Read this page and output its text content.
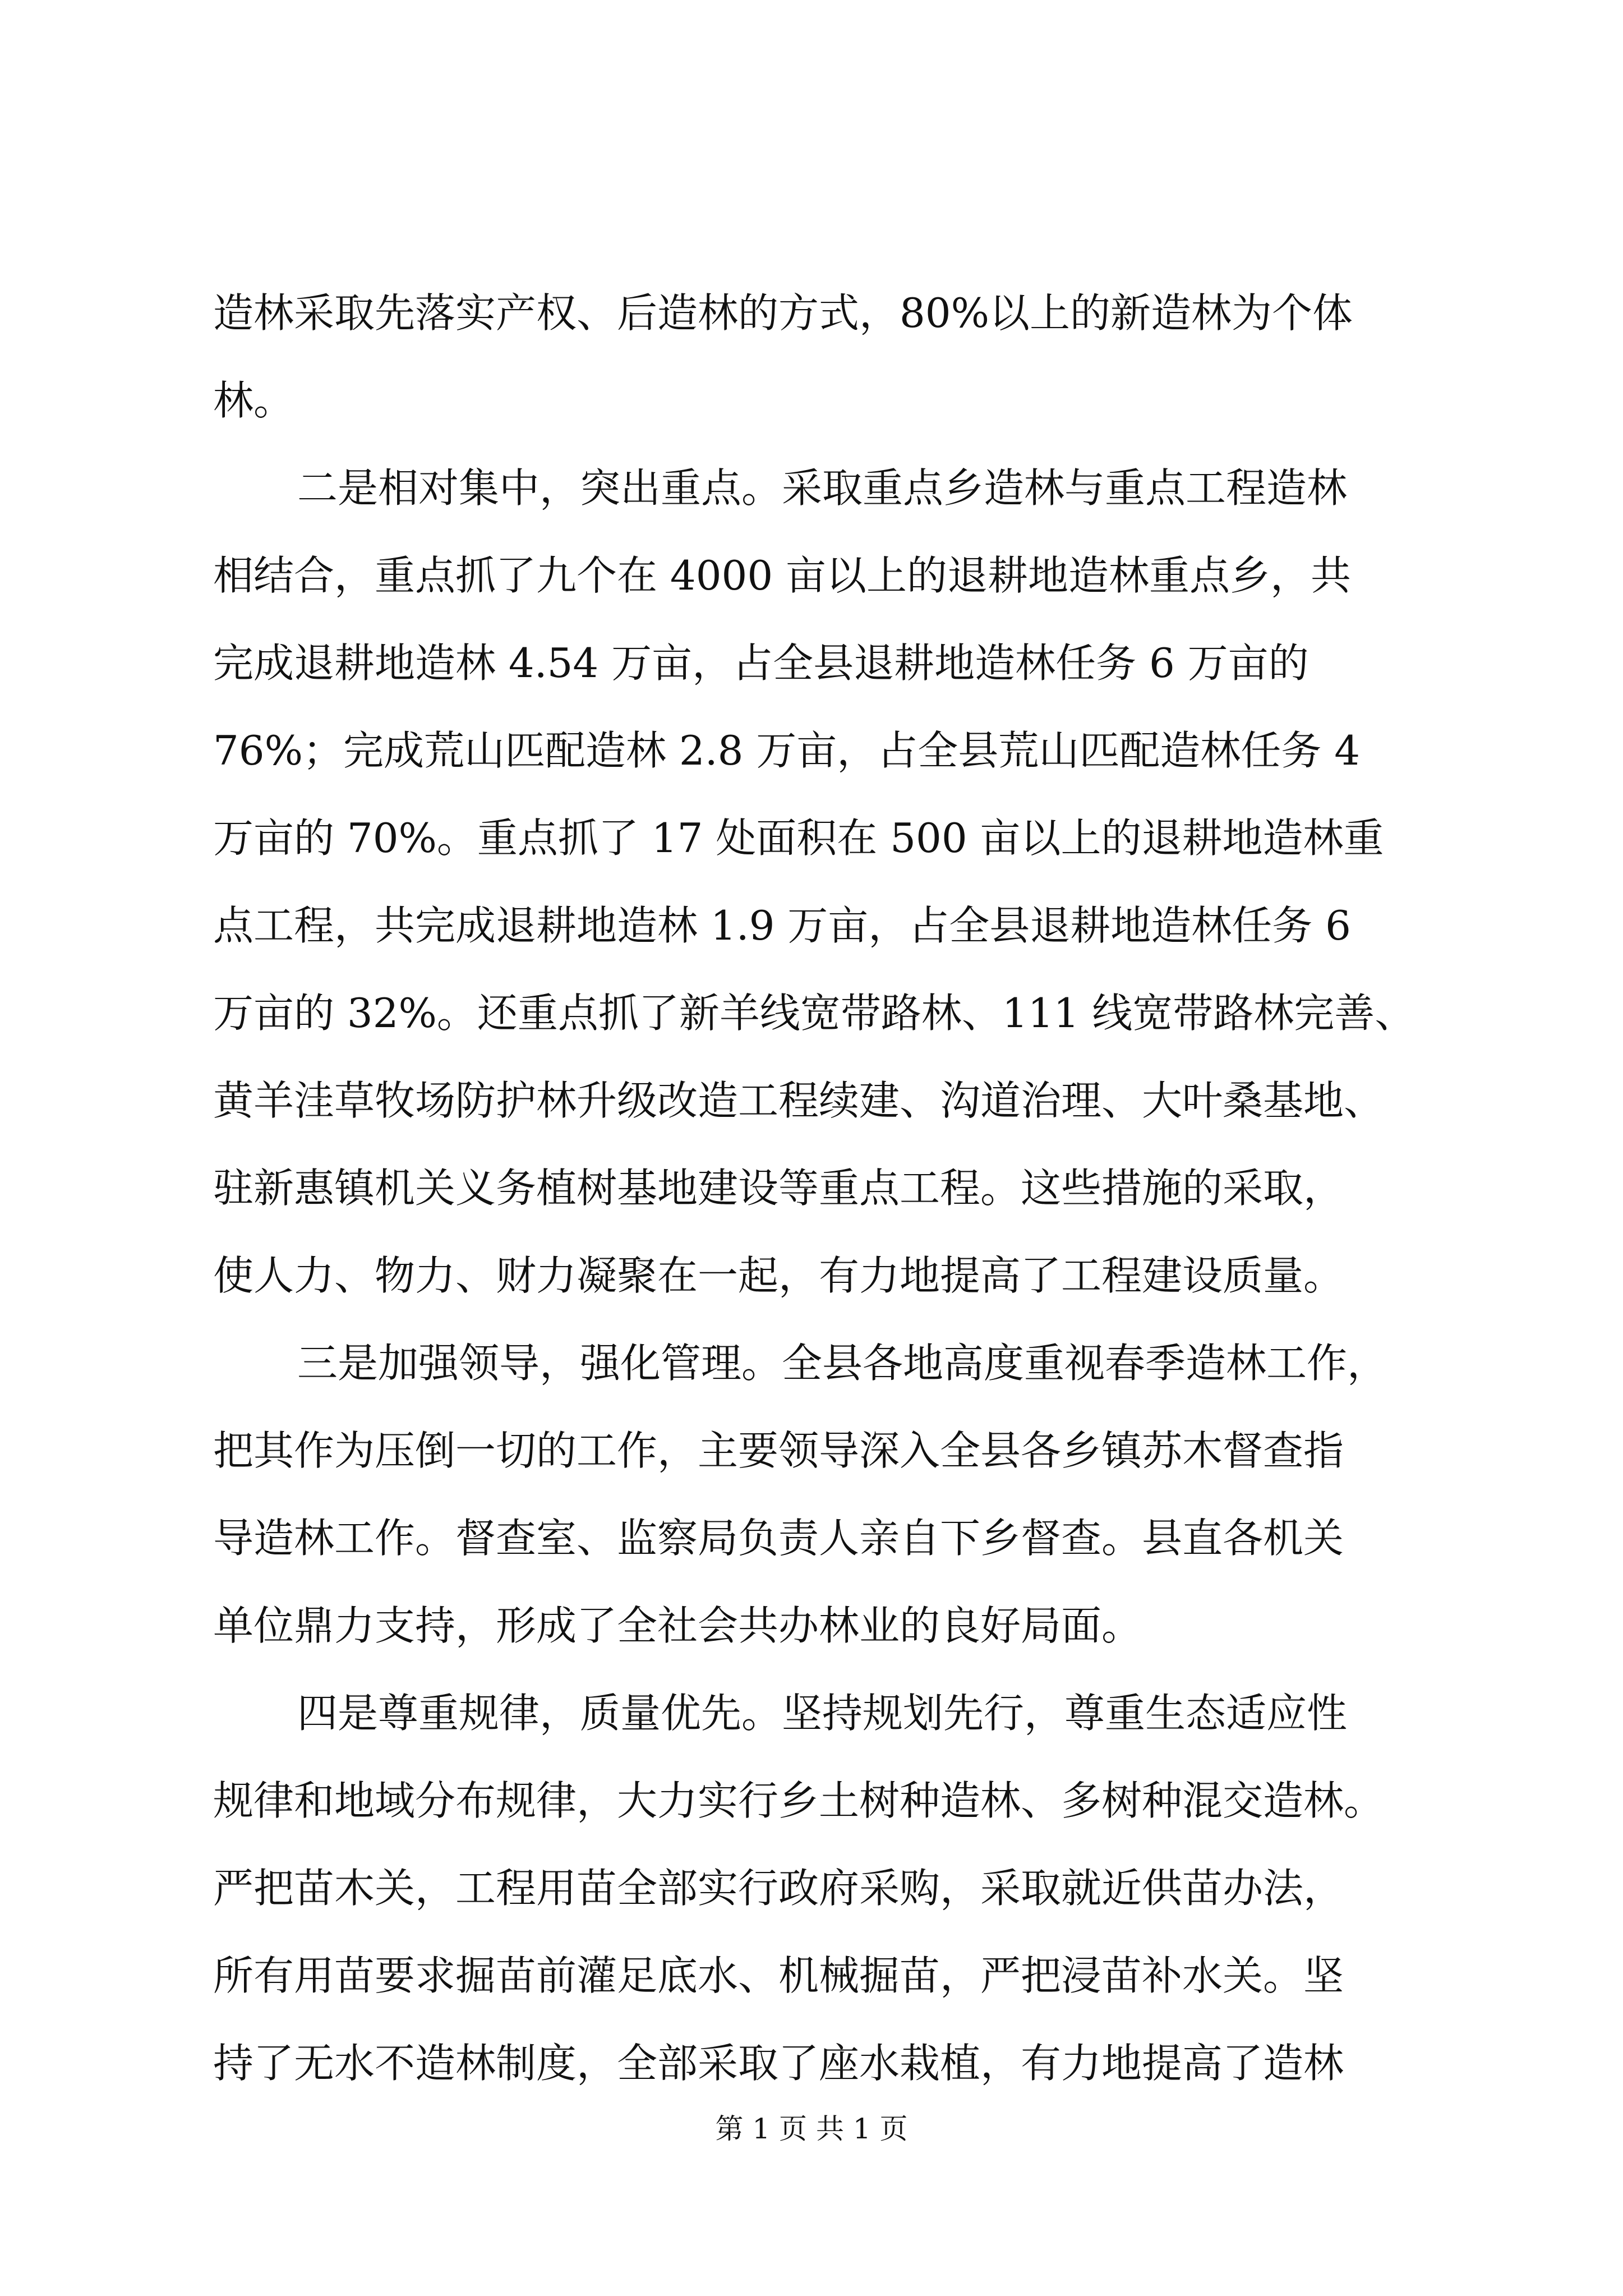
造林采取先落实产权、后造林的方式，80%以上的新造林为个体
林。
二是相对集中，突出重点。采取重点乡造林与重点工程造林
相结合，重点抓了九个在 4000 亩以上的退耕地造林重点乡，共
完成退耕地造林 4.54 万亩，占全县退耕地造林任务 6 万亩的
76%；完成荒山匹配造林 2.8 万亩，占全县荒山匹配造林任务 4
万亩的 70%。重点抓了 17 处面积在 500 亩以上的退耕地造林重
点工程，共完成退耕地造林 1.9 万亩，占全县退耕地造林任务 6
万亩的 32%。还重点抓了新羊线宽带路林、111 线宽带路林完善、
黄羊洼草牧场防护林升级改造工程续建、沟道治理、大叶桑基地、
驻新惠镇机关义务植树基地建设等重点工程。这些措施的采取，
使人力、物力、财力凝聚在一起，有力地提高了工程建设质量。
三是加强领导，强化管理。全县各地高度重视春季造林工作，
把其作为压倒一切的工作，主要领导深入全县各乡镇苏木督查指
导造林工作。督查室、监察局负责人亲自下乡督查。县直各机关
单位鼎力支持，形成了全社会共办林业的良好局面。
四是尊重规律，质量优先。坚持规划先行，尊重生态适应性
规律和地域分布规律，大力实行乡土树种造林、多树种混交造林。
严把苗木关，工程用苗全部实行政府采购，采取就近供苗办法，
所有用苗要求掘苗前灌足底水、机械掘苗，严把浸苗补水关。坚
持了无水不造林制度，全部采取了座水栽植，有力地提高了造林
第 1 页 共 1 页
